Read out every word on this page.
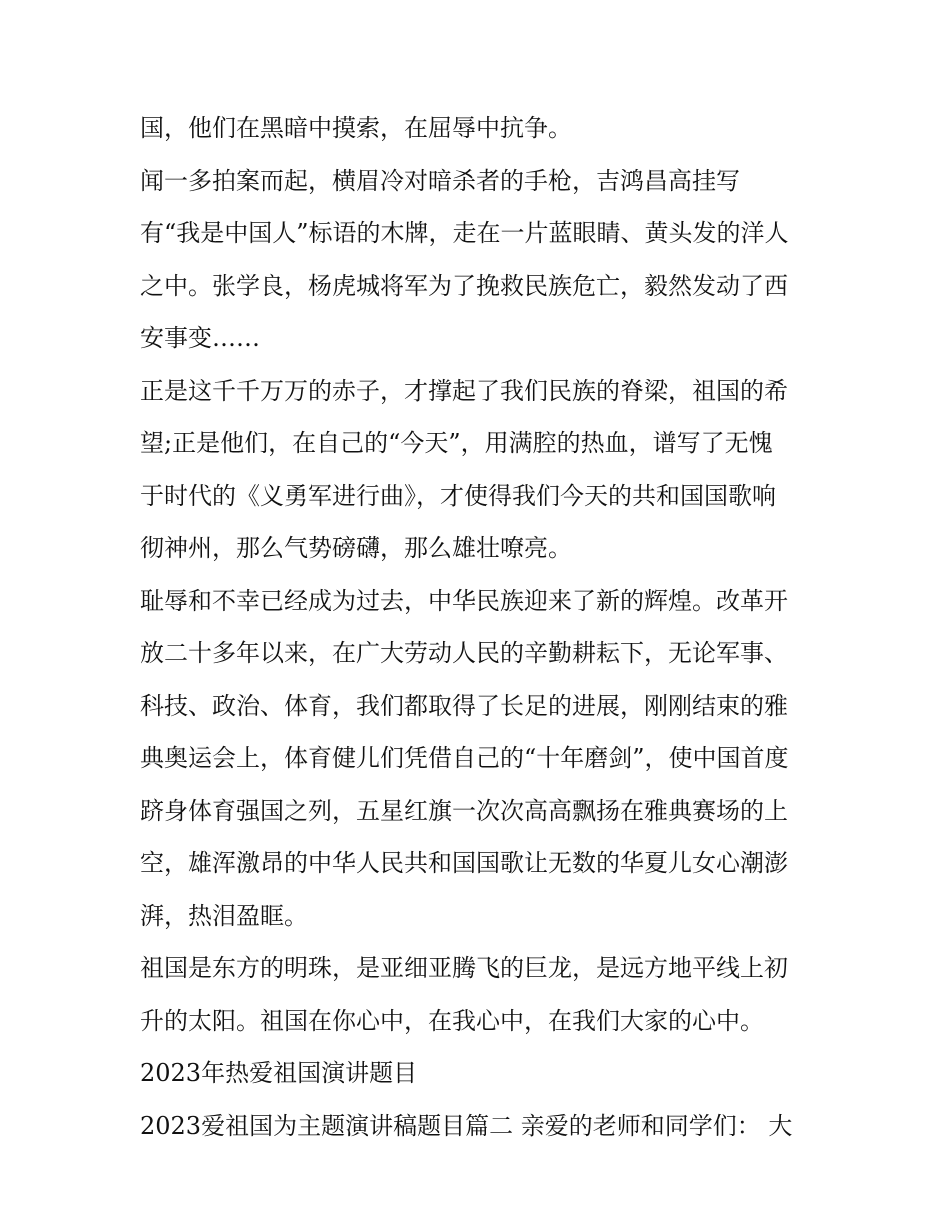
国，他们在黑暗中摸索，在屈辱中抗争。
闻一多拍案而起，横眉冷对暗杀者的手枪，吉鸿昌高挂写
有“我是中国人”标语的木牌，走在一片蓝眼睛、黄头发的洋人
之中。张学良，杨虎城将军为了挽救民族危亡，毅然发动了西
安事变……
正是这千千万万的赤子，才撑起了我们民族的脊梁，祖国的希
望;正是他们，在自己的“今天”，用满腔的热血，谱写了无愧
于时代的《义勇军进行曲》，才使得我们今天的共和国国歌响
彻神州，那么气势磅礴，那么雄壮嘹亮。
耻辱和不幸已经成为过去，中华民族迎来了新的辉煌。改革开
放二十多年以来，在广大劳动人民的辛勤耕耘下，无论军事、
科技、政治、体育，我们都取得了长足的进展，刚刚结束的雅
典奥运会上，体育健儿们凭借自己的“十年磨剑”，使中国首度
跻身体育强国之列，五星红旗一次次高高飘扬在雅典赛场的上
空，雄浑激昂的中华人民共和国国歌让无数的华夏儿女心潮澎
湃，热泪盈眶。
祖国是东方的明珠，是亚细亚腾飞的巨龙，是远方地平线上初
升的太阳。祖国在你心中，在我心中，在我们大家的心中。
2023年热爱祖国演讲题目
2023爱祖国为主题演讲稿题目篇二 亲爱的老师和同学们： 大
